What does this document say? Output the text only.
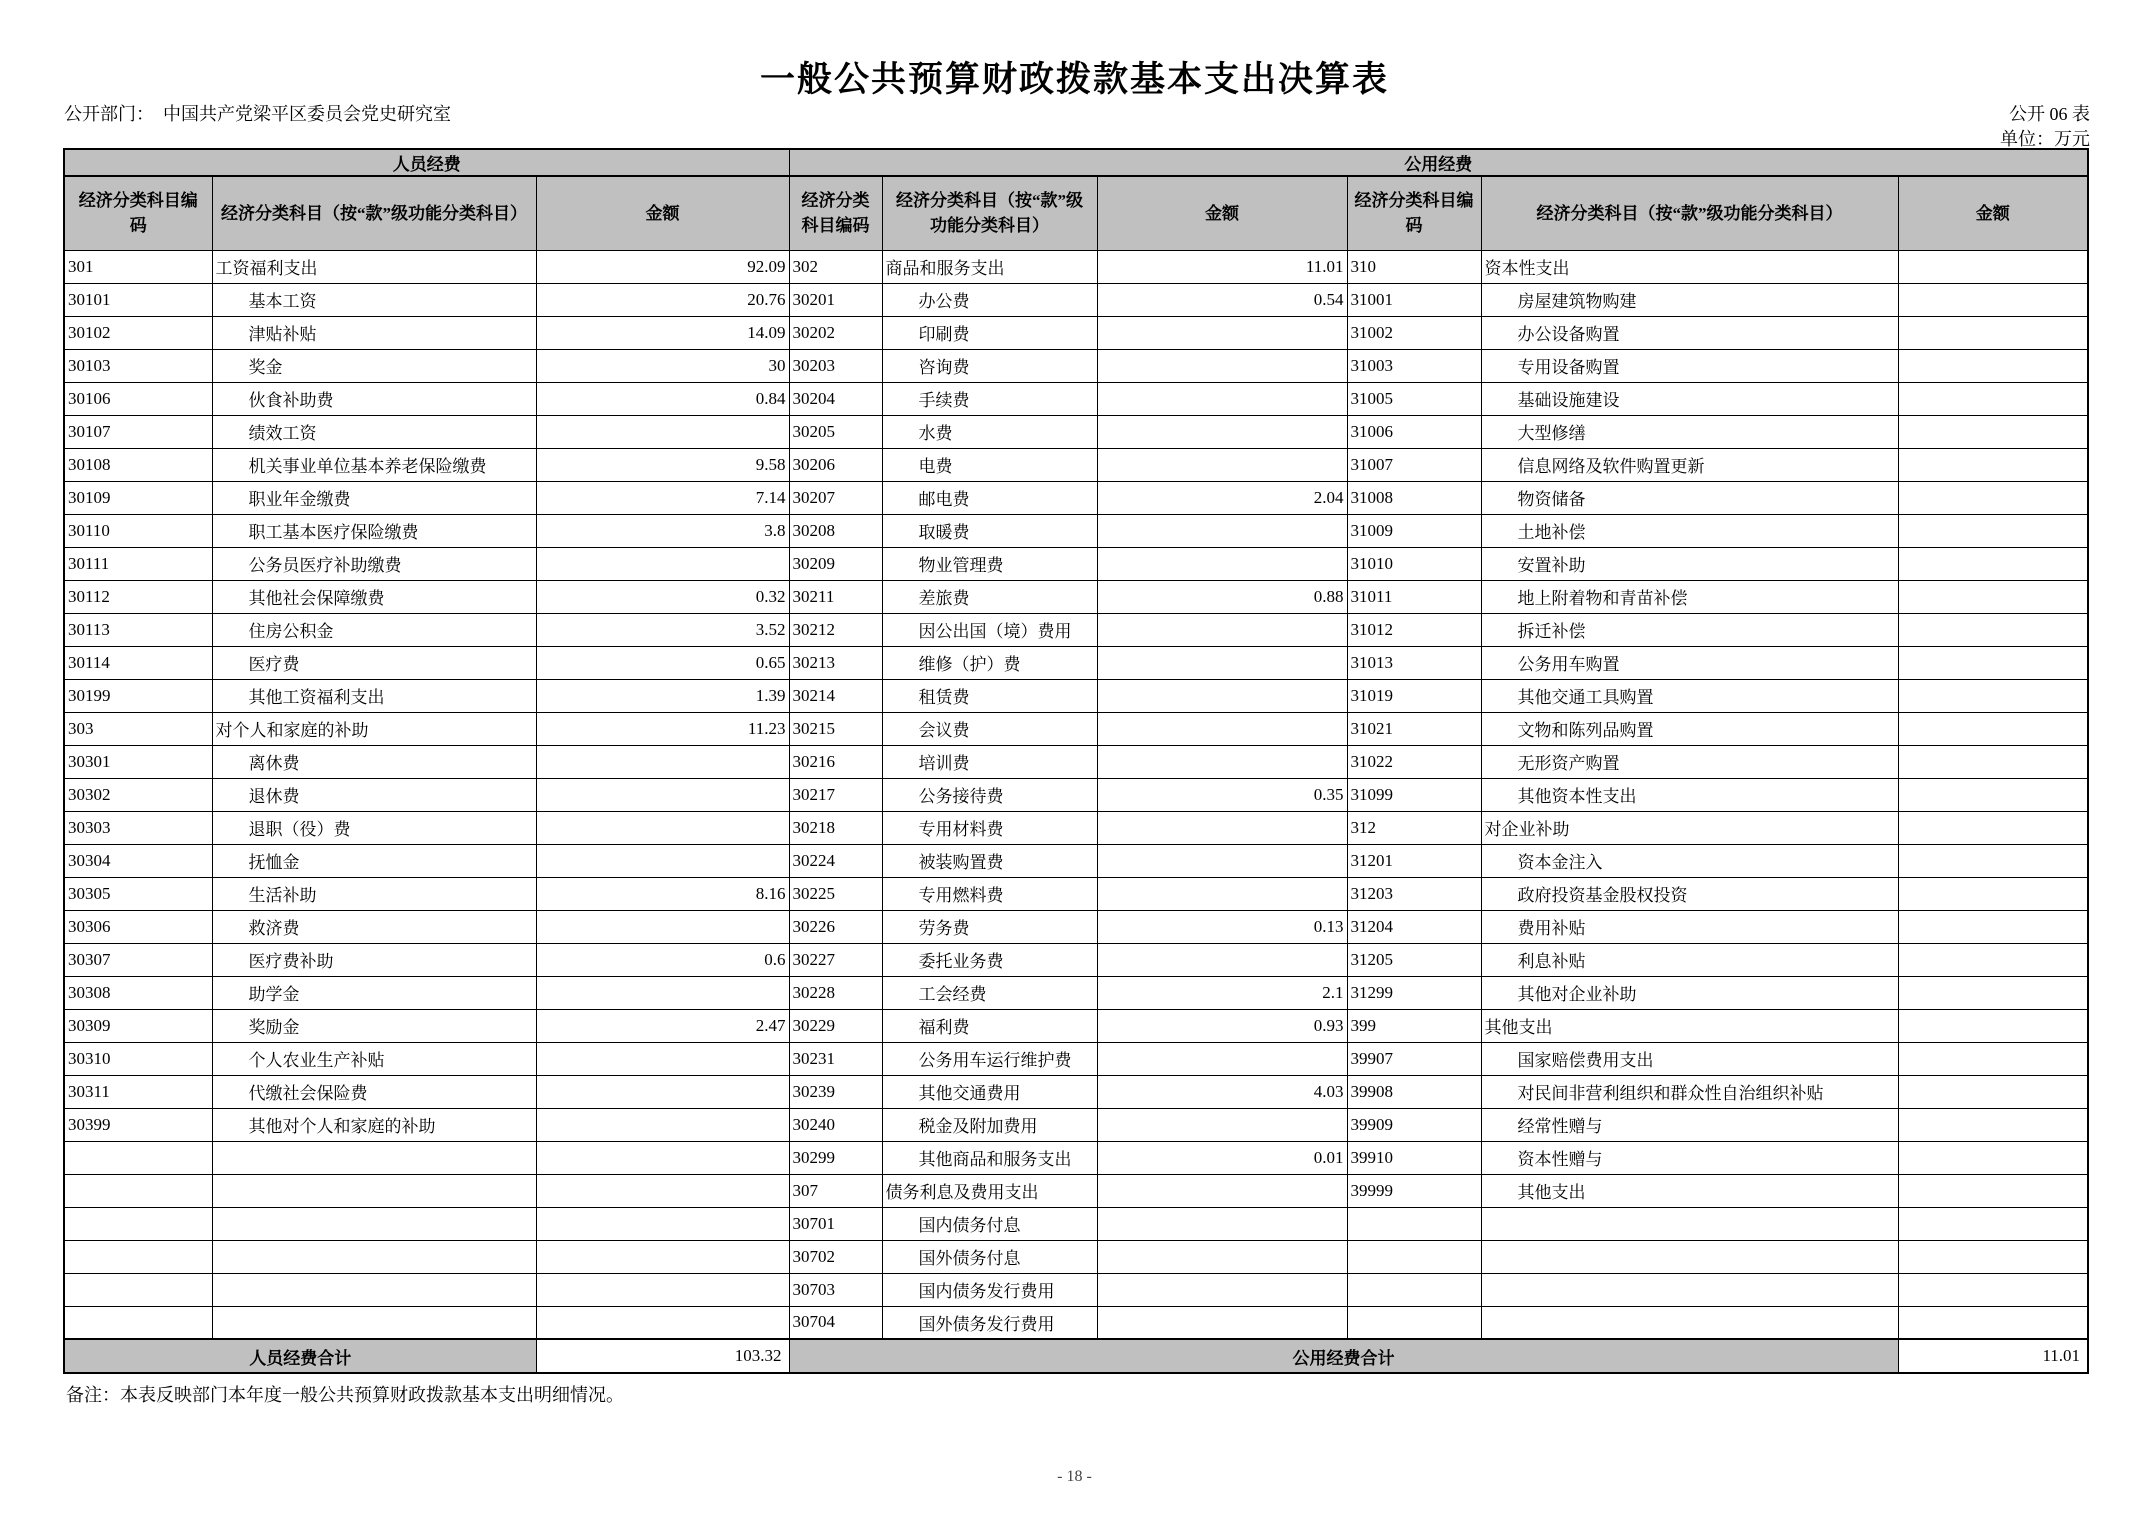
一般公共预算财政拨款基本支出决算表
公开部门：　 中国共产党梁平区委员会党史研究室	公开 06 表
单位：万元
人员经费			公用经费					
经济分类科目编码	经济分类科目（按“款”级功能分类科目）	金额	经济分类科目编码	经济分类科目（按“款”级功能分类科目）	金额	经济分类科目编码	经济分类科目（按“款”级功能分类科目）	金额
301	工资福利支出	92.09	302	商品和服务支出	11.01	310	资本性支出	
30101	基本工资	20.76	30201	办公费	0.54	31001	房屋建筑物购建	
30102	津贴补贴	14.09	30202	印刷费		31002	办公设备购置	
30103	奖金	30	30203	咨询费		31003	专用设备购置	
30106	伙食补助费	0.84	30204	手续费		31005	基础设施建设	
30107	绩效工资		30205	水费		31006	大型修缮	
30108	机关事业单位基本养老保险缴费	9.58	30206	电费		31007	信息网络及软件购置更新	
30109	职业年金缴费	7.14	30207	邮电费	2.04	31008	物资储备	
30110	职工基本医疗保险缴费	3.8	30208	取暖费		31009	土地补偿	
30111	公务员医疗补助缴费		30209	物业管理费		31010	安置补助	
30112	其他社会保障缴费	0.32	30211	差旅费	0.88	31011	地上附着物和青苗补偿	
30113	住房公积金	3.52	30212	因公出国（境）费用		31012	拆迁补偿	
30114	医疗费	0.65	30213	维修（护）费		31013	公务用车购置	
30199	其他工资福利支出	1.39	30214	租赁费		31019	其他交通工具购置	
303	对个人和家庭的补助	11.23	30215	会议费		31021	文物和陈列品购置	
30301	离休费		30216	培训费		31022	无形资产购置	
30302	退休费		30217	公务接待费	0.35	31099	其他资本性支出	
30303	退职（役）费		30218	专用材料费		312	对企业补助	
30304	抚恤金		30224	被装购置费		31201	资本金注入	
30305	生活补助	8.16	30225	专用燃料费		31203	政府投资基金股权投资	
30306	救济费		30226	劳务费	0.13	31204	费用补贴	
30307	医疗费补助	0.6	30227	委托业务费		31205	利息补贴	
30308	助学金		30228	工会经费	2.1	31299	其他对企业补助	
30309	奖励金	2.47	30229	福利费	0.93	399	其他支出	
30310	个人农业生产补贴		30231	公务用车运行维护费		39907	国家赔偿费用支出	
30311	代缴社会保险费		30239	其他交通费用	4.03	39908	对民间非营利组织和群众性自治组织补贴	
30399	其他对个人和家庭的补助		30240	税金及附加费用		39909	经常性赠与	
			30299	其他商品和服务支出	0.01	39910	资本性赠与	
			307	债务利息及费用支出		39999	其他支出	
			30701	国内债务付息				
			30702	国外债务付息				
			30703	国内债务发行费用				
			30704	国外债务发行费用				
人员经费合计		103.32	公用经费合计					11.01
备注：本表反映部门本年度一般公共预算财政拨款基本支出明细情况。
- 18 -
